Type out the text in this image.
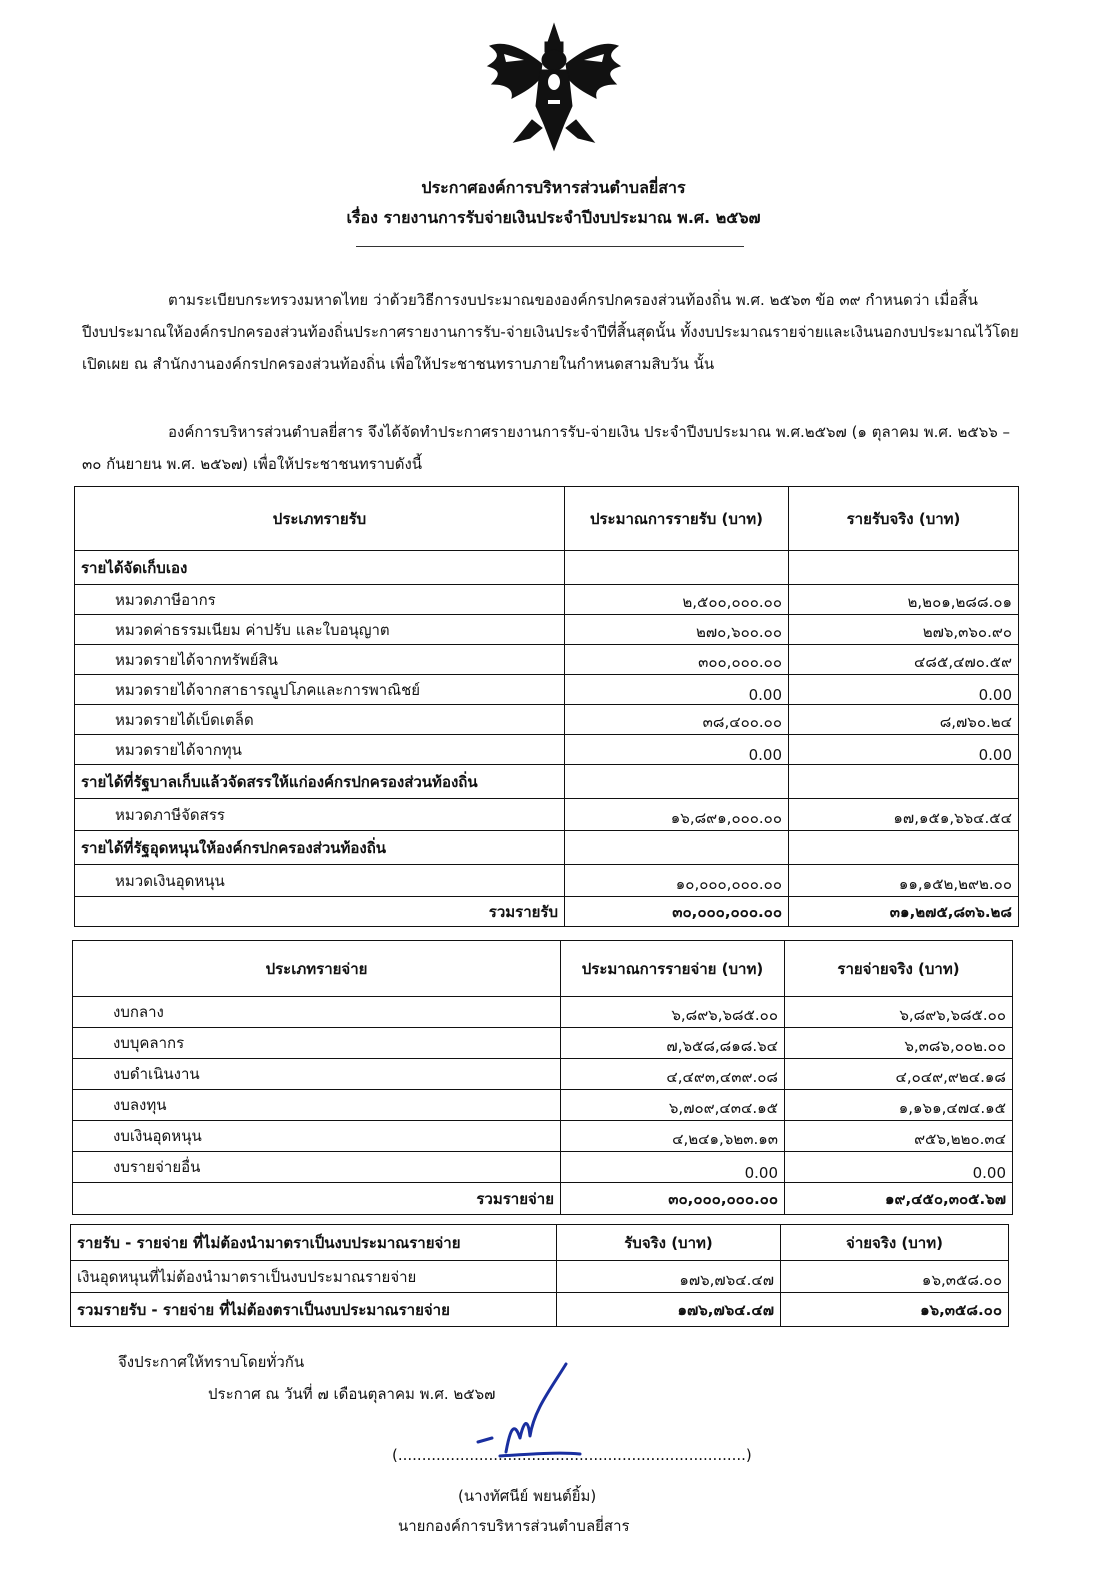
ประกาศองค์การบริหารส่วนตำบลยี่สาร
เรื่อง รายงานการรับจ่ายเงินประจำปีงบประมาณ พ.ศ. ๒๕๖๗
ตามระเบียบกระทรวงมหาดไทย ว่าด้วยวิธีการงบประมาณขององค์กรปกครองส่วนท้องถิ่น พ.ศ. ๒๕๖๓ ข้อ ๓๙ กำหนดว่า เมื่อสิ้นปีงบประมาณให้องค์กรปกครองส่วนท้องถิ่นประกาศรายงานการรับ-จ่ายเงินประจำปีที่สิ้นสุดนั้น ทั้งงบประมาณรายจ่ายและเงินนอกงบประมาณไว้โดยเปิดเผย ณ สำนักงานองค์กรปกครองส่วนท้องถิ่น เพื่อให้ประชาชนทราบภายในกำหนดสามสิบวัน นั้น
องค์การบริหารส่วนตำบลยี่สาร จึงได้จัดทำประกาศรายงานการรับ-จ่ายเงิน ประจำปีงบประมาณ พ.ศ.๒๕๖๗ (๑ ตุลาคม พ.ศ. ๒๕๖๖ – ๓๐ กันยายน พ.ศ. ๒๕๖๗) เพื่อให้ประชาชนทราบดังนี้
ประเภทรายรับ	ประมาณการรายรับ (บาท)	รายรับจริง (บาท)
รายได้จัดเก็บเอง		
หมวดภาษีอากร	๒,๕๐๐,๐๐๐.๐๐	๒,๒๐๑,๒๘๘.๐๑
หมวดค่าธรรมเนียม ค่าปรับ และใบอนุญาต	๒๗๐,๖๐๐.๐๐	๒๗๖,๓๖๐.๙๐
หมวดรายได้จากทรัพย์สิน	๓๐๐,๐๐๐.๐๐	๔๘๕,๔๗๐.๕๙
หมวดรายได้จากสาธารณูปโภคและการพาณิชย์	0.00	0.00
หมวดรายได้เบ็ดเตล็ด	๓๘,๔๐๐.๐๐	๘,๗๖๐.๒๔
หมวดรายได้จากทุน	0.00	0.00
รายได้ที่รัฐบาลเก็บแล้วจัดสรรให้แก่องค์กรปกครองส่วนท้องถิ่น		
หมวดภาษีจัดสรร	๑๖,๘๙๑,๐๐๐.๐๐	๑๗,๑๕๑,๖๖๔.๕๔
รายได้ที่รัฐอุดหนุนให้องค์กรปกครองส่วนท้องถิ่น		
หมวดเงินอุดหนุน	๑๐,๐๐๐,๐๐๐.๐๐	๑๑,๑๕๒,๒๙๒.๐๐
รวมรายรับ	๓๐,๐๐๐,๐๐๐.๐๐	๓๑,๒๗๕,๘๓๖.๒๘
ประเภทรายจ่าย	ประมาณการรายจ่าย (บาท)	รายจ่ายจริง (บาท)
งบกลาง	๖,๘๙๖,๖๘๕.๐๐	๖,๘๙๖,๖๘๕.๐๐
งบบุคลากร	๗,๖๕๘,๘๑๘.๖๔	๖,๓๘๖,๐๐๒.๐๐
งบดำเนินงาน	๔,๔๙๓,๔๓๙.๐๘	๔,๐๔๙,๙๒๔.๑๘
งบลงทุน	๖,๗๐๙,๔๓๔.๑๕	๑,๑๖๑,๔๗๔.๑๕
งบเงินอุดหนุน	๔,๒๔๑,๖๒๓.๑๓	๙๕๖,๒๒๐.๓๔
งบรายจ่ายอื่น	0.00	0.00
รวมรายจ่าย	๓๐,๐๐๐,๐๐๐.๐๐	๑๙,๔๕๐,๓๐๕.๖๗
รายรับ - รายจ่าย ที่ไม่ต้องนำมาตราเป็นงบประมาณรายจ่าย	รับจริง (บาท)	จ่ายจริง (บาท)
เงินอุดหนุนที่ไม่ต้องนำมาตราเป็นงบประมาณรายจ่าย	๑๗๖,๗๖๔.๔๗	๑๖,๓๕๘.๐๐
รวมรายรับ - รายจ่าย ที่ไม่ต้องตราเป็นงบประมาณรายจ่าย	๑๗๖,๗๖๔.๔๗	๑๖,๓๕๘.๐๐
จึงประกาศให้ทราบโดยทั่วกัน
ประกาศ ณ วันที่ ๗ เดือนตุลาคม พ.ศ. ๒๕๖๗
(.........................................................................)
(นางทัศนีย์ พยนต์ยิ้ม)
นายกองค์การบริหารส่วนตำบลยี่สาร
